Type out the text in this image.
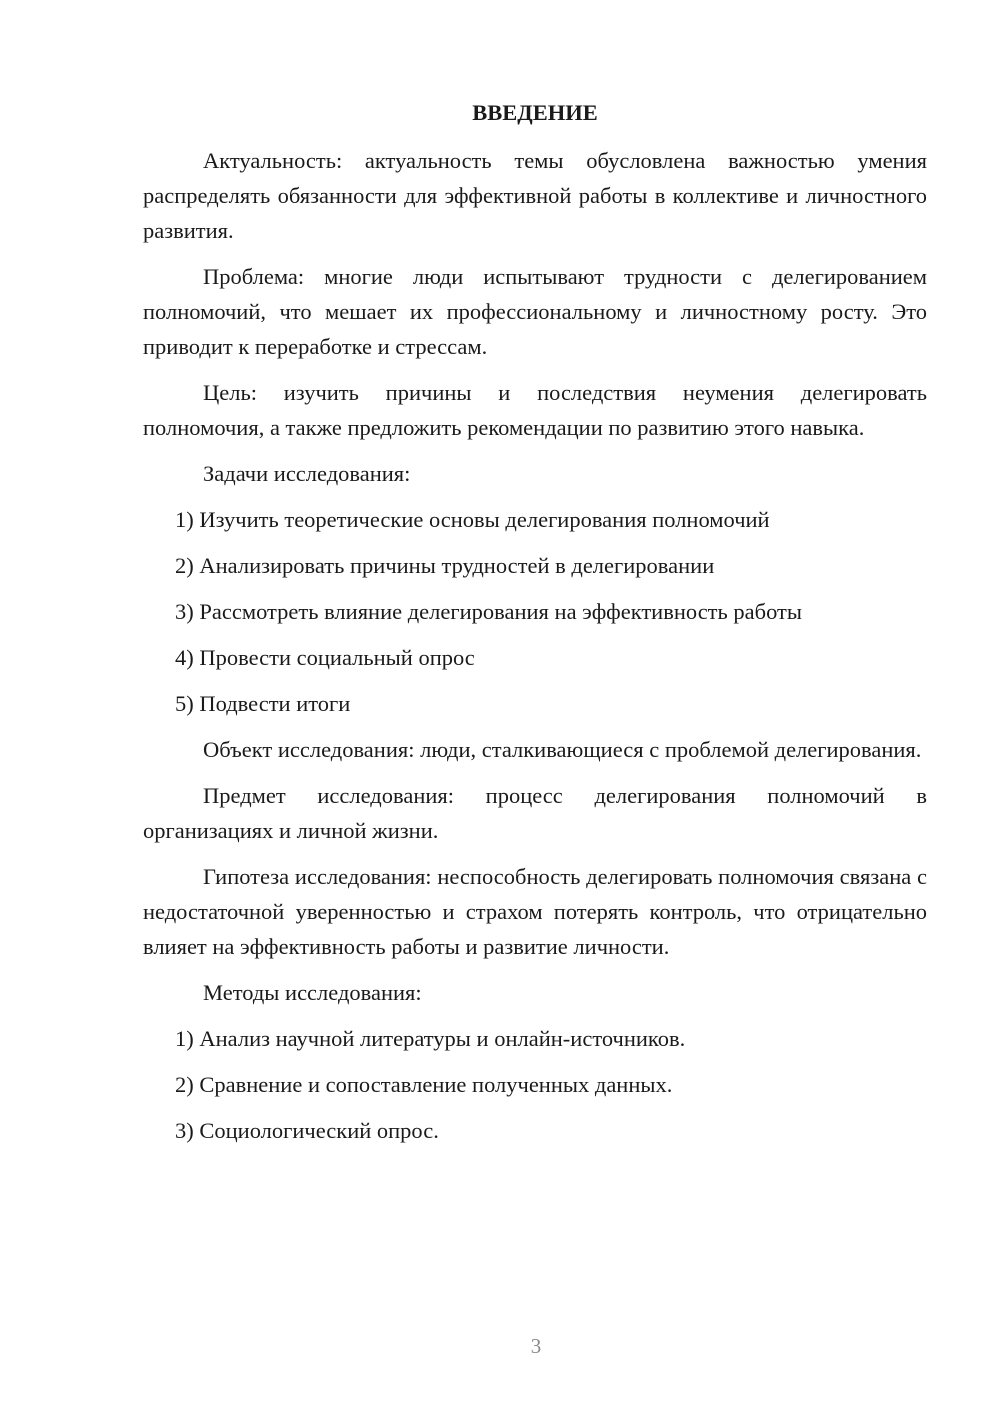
ВВЕДЕНИЕ

Актуальность: актуальность темы обусловлена важностью умения распределять обязанности для эффективной работы в коллективе и личностного развития.

Проблема: многие люди испытывают трудности с делегированием полномочий, что мешает их профессиональному и личностному росту. Это приводит к переработке и стрессам.

Цель: изучить причины и последствия неумения делегировать полномочия, а также предложить рекомендации по развитию этого навыка.

Задачи исследования:

1) Изучить теоретические основы делегирования полномочий
2) Анализировать причины трудностей в делегировании
3) Рассмотреть влияние делегирования на эффективность работы
4) Провести социальный опрос
5) Подвести итоги

Объект исследования: люди, сталкивающиеся с проблемой делегирования.

Предмет исследования: процесс делегирования полномочий в организациях и личной жизни.

Гипотеза исследования: неспособность делегировать полномочия связана с недостаточной уверенностью и страхом потерять контроль, что отрицательно влияет на эффективность работы и развитие личности.

Методы исследования:

1) Анализ научной литературы и онлайн-источников.
2) Сравнение и сопоставление полученных данных.
3) Социологический опрос.
3
